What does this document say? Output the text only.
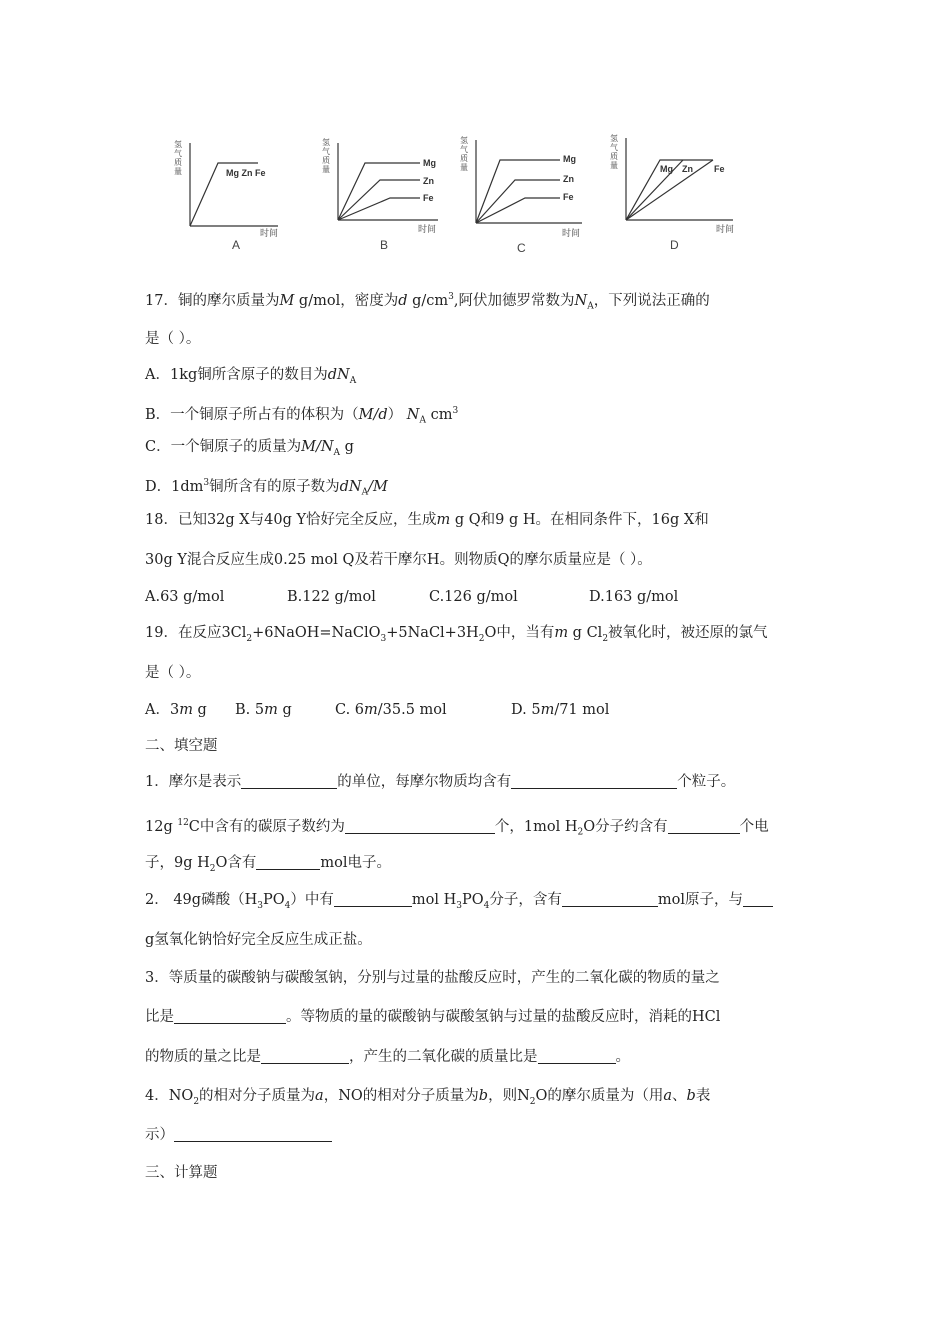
氢气质量	Mg Zn Fe
时间
A
氢气质量
Mg
Zn
Fe
时间
B
氢气质量
Mg
Zn
Fe
时间
C
氢气质量	Mg Zn Fe
时间
D
17．铜的摩尔质量为M g/mol，密度为d $g/cm^3$,阿伏加德罗常数为$N_A$，下列说法正确的
是（ ）。
A．1kg铜所含原子的数目为$dN_A$
B．一个铜原子所占有的体积为（M/d） $N_A$ $cm^3$
C．一个铜原子的质量为$M/N_A$ g
D．$1dm^3$铜所含有的原子数为$dN_A/M$
18．已知32g X与40g Y恰好完全反应，生成m g Q和9 g H。在相同条件下，16g X和
30g Y混合反应生成0.25 mol Q及若干摩尔H。则物质Q的摩尔质量应是（ ）。
A.63 g/mol	B.122 g/mol	C.126 g/mol	D.163 g/mol
19．在反应$3Cl_2+6NaOH=NaClO_3+5NaCl+3H_2O$中，当有m g $Cl_2$被氧化时，被还原的氯气
是（ ）。
A．3m g B. 5m g	C. 6m/35.5 mol	D. 5m/71 mol
二、填空题
1．摩尔是表示	的单位，每摩尔物质均含有	个粒子。
12g $^{12}$C中含有的碳原子数约为	个，1mol $H_2O$分子约含有	个电
子，9g $H_2O$含有	mol电子。
2． 49g磷酸$(H_3PO_4)$中有	mol $H_3PO_4$分子，含有	mol原子，与
g氢氧化钠恰好完全反应生成正盐。
3．等质量的碳酸钠与碳酸氢钠，分别与过量的盐酸反应时，产生的二氧化碳的物质的量之
比是	。等物质的量的碳酸钠与碳酸氢钠与过量的盐酸反应时，消耗的HCl
的物质的量之比是	，产生的二氧化碳的质量比是	。
4．$NO_2$的相对分子质量为a，NO的相对分子质量为b，则$N_2O$的摩尔质量为（用a、b表
示）
三、计算题
